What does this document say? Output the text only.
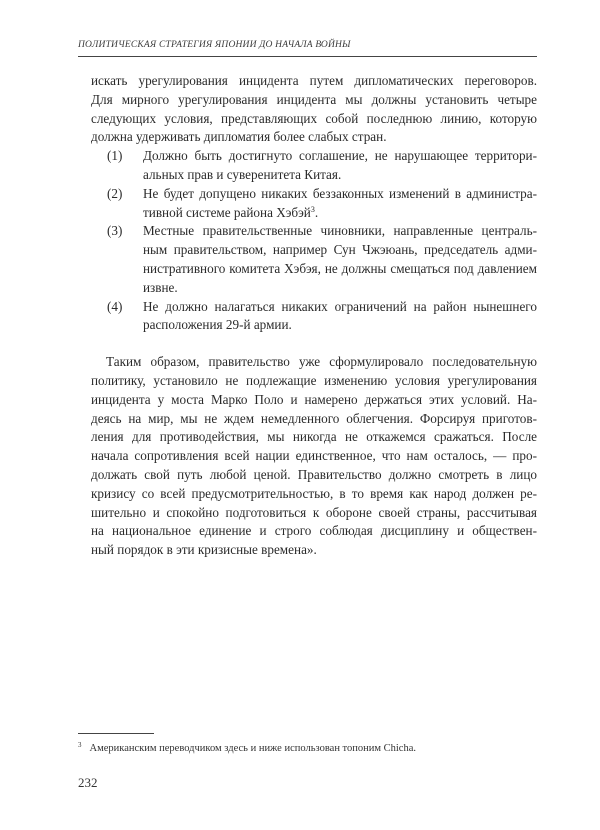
ПОЛИТИЧЕСКАЯ СТРАТЕГИЯ ЯПОНИИ ДО НАЧАЛА ВОЙНЫ
искать урегулирования инцидента путем дипломатических переговоров.
Для мирного урегулирования инцидента мы должны установить четыре
следующих условия, представляющих собой последнюю линию, которую
должна удерживать дипломатия более слабых стран.
(1) Должно быть достигнуто соглашение, не нарушающее территори-
альных прав и суверенитета Китая.
(2) Не будет допущено никаких беззаконных изменений в администра-
тивной системе района Хэбэй$^3$.
(3) Местные правительственные чиновники, направленные централь-
ным правительством, например Сун Чжэюань, председатель адми-
нистративного комитета Хэбэя, не должны смещаться под давлением
извне.
(4) Не должно налагаться никаких ограничений на район нынешнего
расположения 29-й армии.
Таким образом, правительство уже сформулировало последовательную
политику, установило не подлежащие изменению условия урегулирования
инцидента у моста Марко Поло и намерено держаться этих условий. На-
деясь на мир, мы не ждем немедленного облегчения. Форсируя приготов-
ления для противодействия, мы никогда не откажемся сражаться. После
начала сопротивления всей нации единственное, что нам осталось, — про-
должать свой путь любой ценой. Правительство должно смотреть в лицо
кризису со всей предусмотрительностью, в то время как народ должен ре-
шительно и спокойно подготовиться к обороне своей страны, рассчитывая
на национальное единение и строго соблюдая дисциплину и обществен-
ный порядок в эти кризисные времена».
$^3$ Американским переводчиком здесь и ниже использован топоним Chicha.
232
